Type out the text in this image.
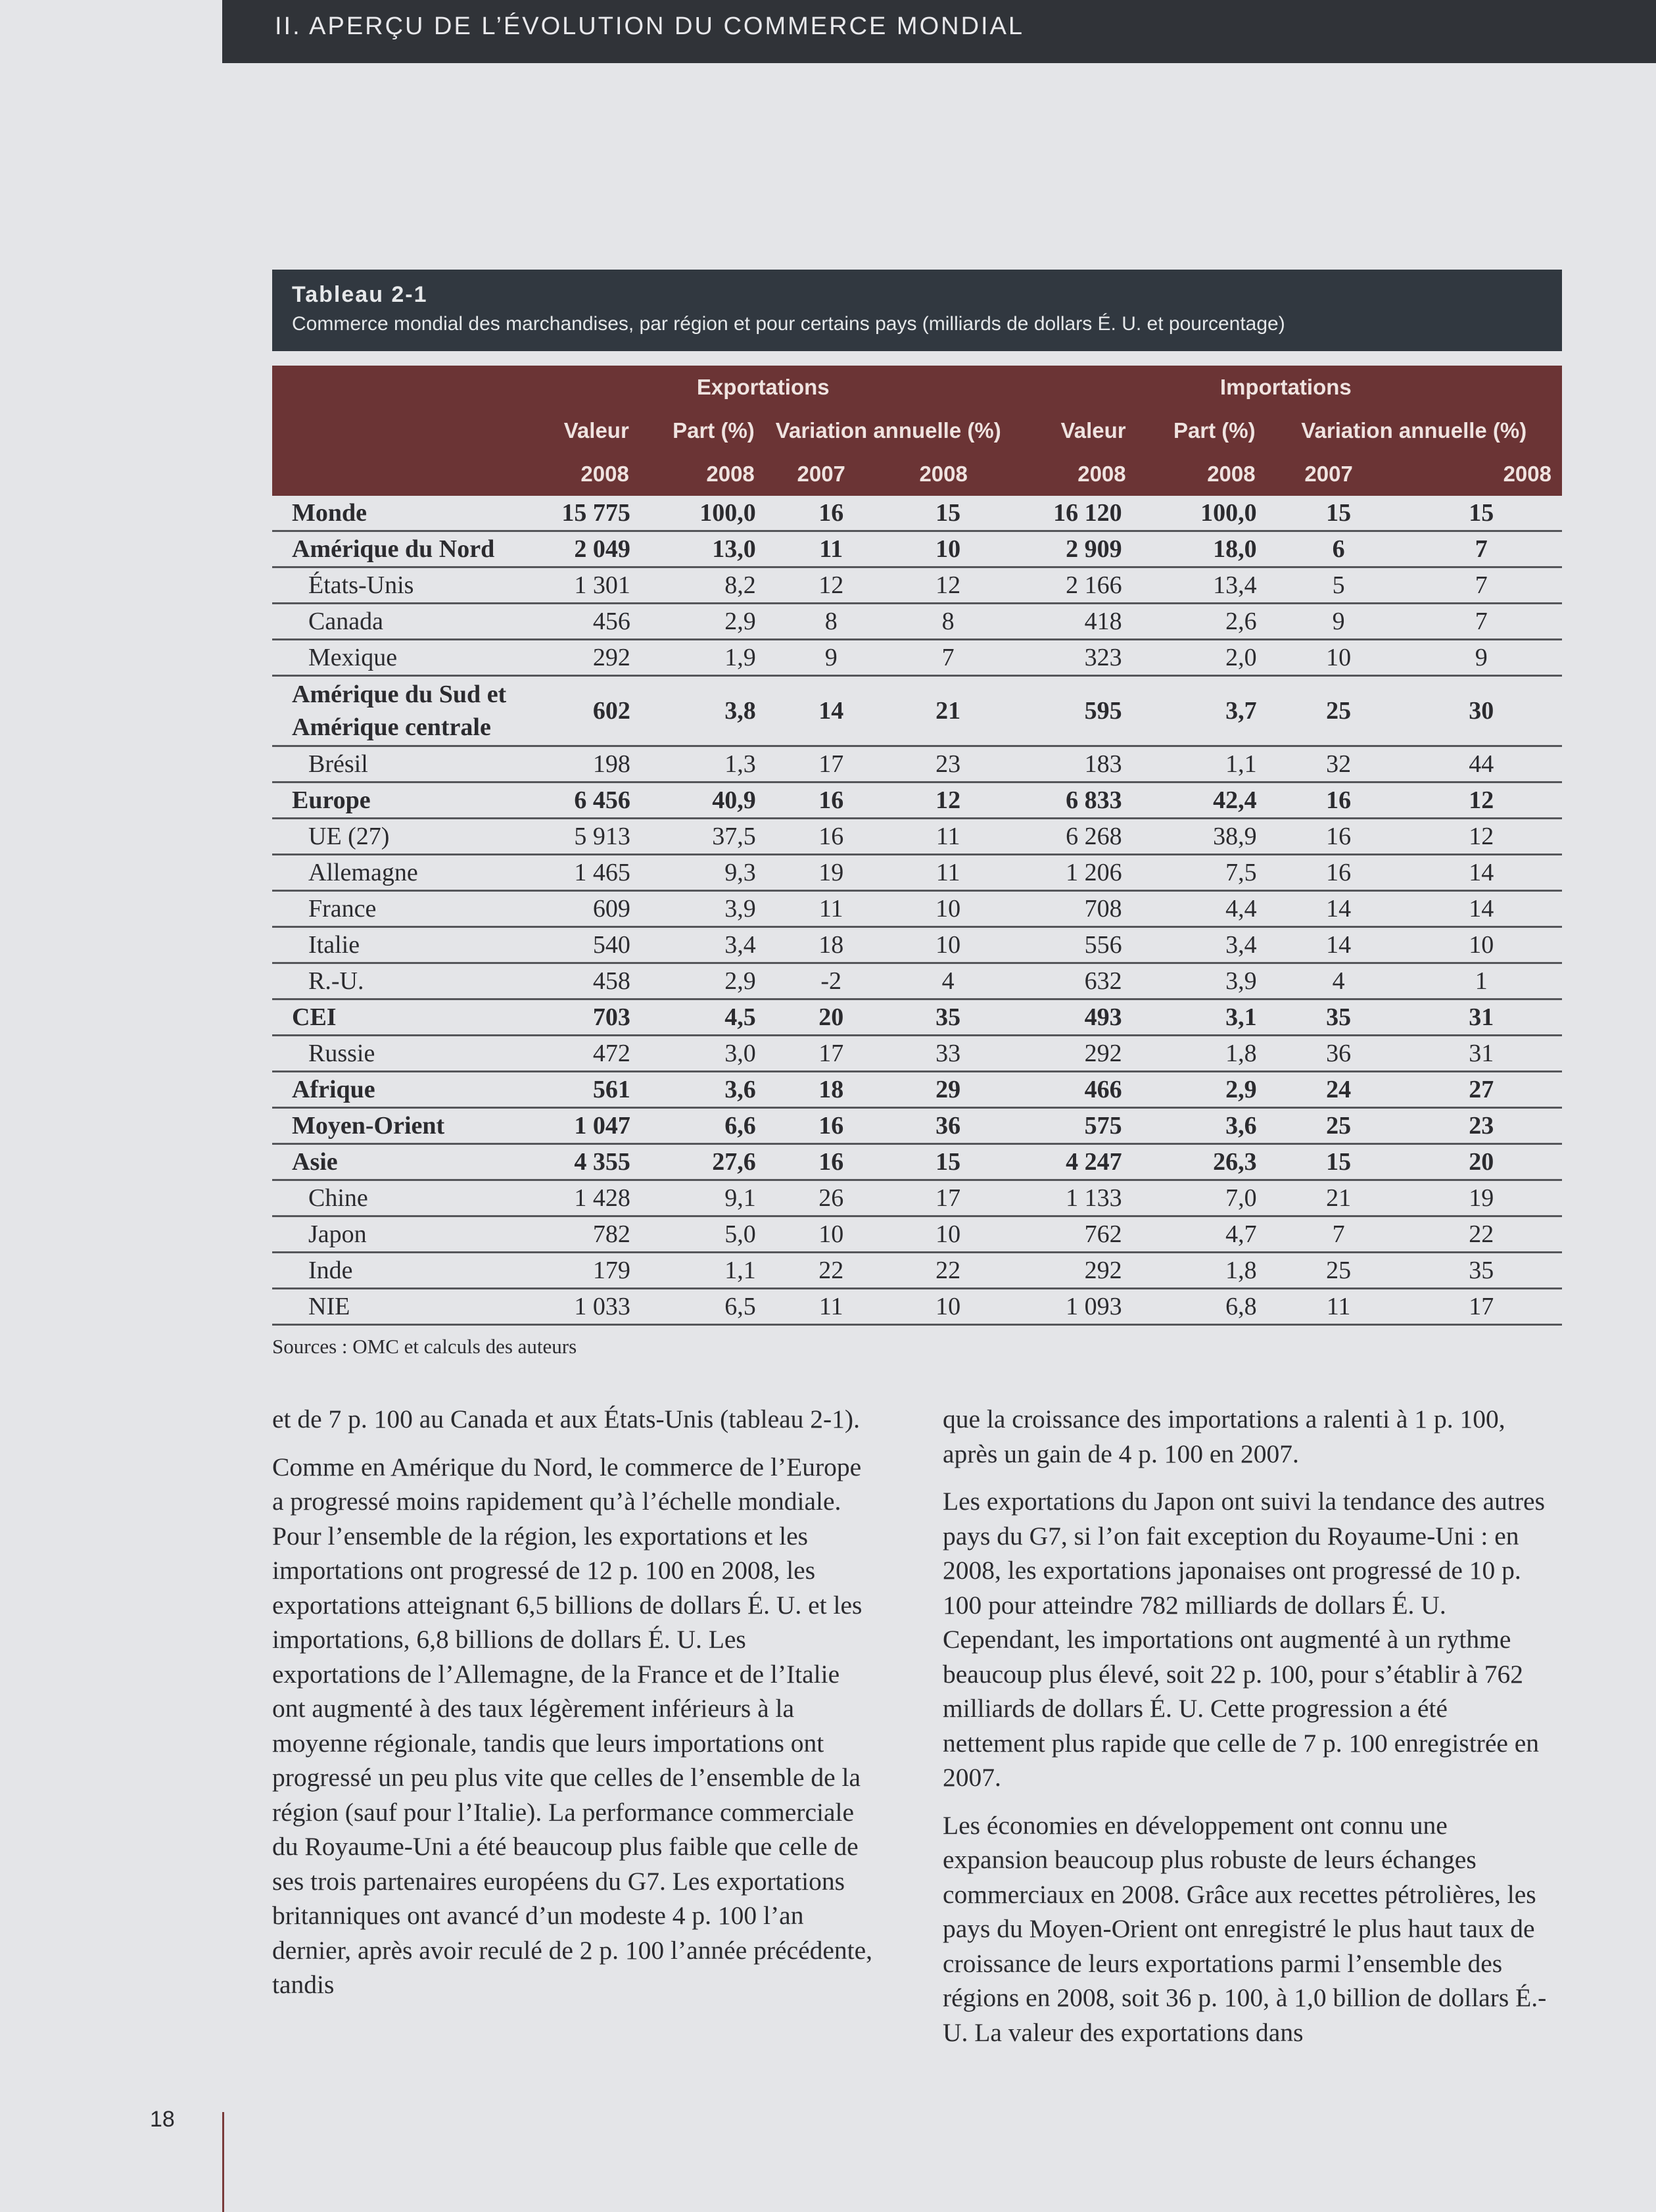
II. APERÇU DE L’ÉVOLUTION DU COMMERCE MONDIAL
Tableau 2-1
Commerce mondial des marchandises, par région et pour certains pays (milliards de dollars É. U. et pourcentage)
	Exportations				Importations			
	Valeur	Part (%)	Variation annuelle (%)		Valeur	Part (%)	Variation annuelle (%)	
	2008	2008	2007	2008	2008	2008	2007	2008
Monde	15 775	100,0	16	15	16 120	100,0	15	15
Amérique du Nord	2 049	13,0	11	10	2 909	18,0	6	7
États-Unis	1 301	8,2	12	12	2 166	13,4	5	7
Canada	456	2,9	8	8	418	2,6	9	7
Mexique	292	1,9	9	7	323	2,0	10	9
Amérique du Sud et Amérique centrale	602	3,8	14	21	595	3,7	25	30
Brésil	198	1,3	17	23	183	1,1	32	44
Europe	6 456	40,9	16	12	6 833	42,4	16	12
UE (27)	5 913	37,5	16	11	6 268	38,9	16	12
Allemagne	1 465	9,3	19	11	1 206	7,5	16	14
France	609	3,9	11	10	708	4,4	14	14
Italie	540	3,4	18	10	556	3,4	14	10
R.-U.	458	2,9	-2	4	632	3,9	4	1
CEI	703	4,5	20	35	493	3,1	35	31
Russie	472	3,0	17	33	292	1,8	36	31
Afrique	561	3,6	18	29	466	2,9	24	27
Moyen-Orient	1 047	6,6	16	36	575	3,6	25	23
Asie	4 355	27,6	16	15	4 247	26,3	15	20
Chine	1 428	9,1	26	17	1 133	7,0	21	19
Japon	782	5,0	10	10	762	4,7	7	22
Inde	179	1,1	22	22	292	1,8	25	35
NIE	1 033	6,5	11	10	1 093	6,8	11	17
Sources : OMC et calculs des auteurs

et de 7 p. 100 au Canada et aux États-Unis (tableau 2-1).

Comme en Amérique du Nord, le commerce de l’Europe a progressé moins rapidement qu’à l’échelle mondiale. Pour l’ensemble de la région, les exportations et les importations ont progressé de 12 p. 100 en 2008, les exportations atteignant 6,5 billions de dollars É. U. et les importations, 6,8 billions de dollars É. U. Les exportations de l’Allemagne, de la France et de l’Italie ont augmenté à des taux légèrement inférieurs à la moyenne régionale, tandis que leurs importations ont progressé un peu plus vite que celles de l’ensemble de la région (sauf pour l’Italie). La performance commerciale du Royaume-Uni a été beaucoup plus faible que celle de ses trois partenaires européens du G7. Les exportations britanniques ont avancé d’un modeste 4 p. 100 l’an dernier, après avoir reculé de 2 p. 100 l’année précédente, tandis

que la croissance des importations a ralenti à 1 p. 100, après un gain de 4 p. 100 en 2007.

Les exportations du Japon ont suivi la tendance des autres pays du G7, si l’on fait exception du Royaume-Uni : en 2008, les exportations japonaises ont progressé de 10 p. 100 pour atteindre 782 milliards de dollars É. U. Cependant, les importations ont augmenté à un rythme beaucoup plus élevé, soit 22 p. 100, pour s’établir à 762 milliards de dollars É. U. Cette progression a été nettement plus rapide que celle de 7 p. 100 enregistrée en 2007.

Les économies en développement ont connu une expansion beaucoup plus robuste de leurs échanges commerciaux en 2008. Grâce aux recettes pétrolières, les pays du Moyen-Orient ont enregistré le plus haut taux de croissance de leurs exportations parmi l’ensemble des régions en 2008, soit 36 p. 100, à 1,0 billion de dollars É.-U. La valeur des exportations dans

18
